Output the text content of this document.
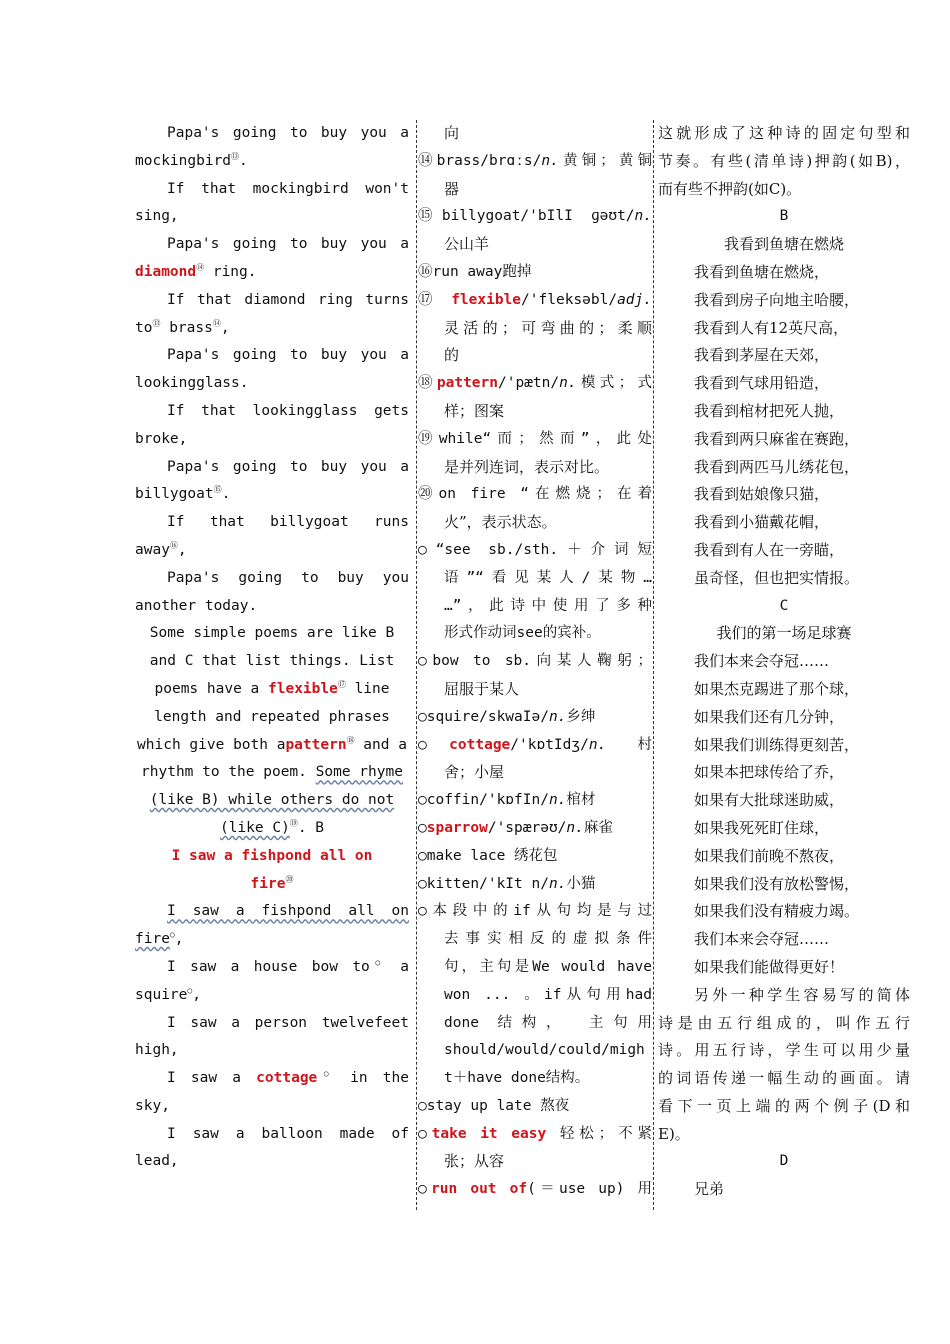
Papa's going to buy you a
mockingbird⑬.
If that mockingbird won't
sing,
Papa's going to buy you a
diamond⑭ ring.
If that diamond ring turns
to⑬ brass⑭,
Papa's going to buy you a
lookingglass.
If that lookingglass gets
broke,
Papa's going to buy you a
billygoat⑮.
If that billygoat runs
away⑯,
Papa's going to buy you
another today.
Some simple poems are like B
and C that list things. List
poems have a flexible⑰ line
length and repeated phrases
which give both apattern⑱ and a
rhythm to the poem. Some rhyme
(like B) while others do not
(like C)⑲. B
I saw a fishpond all on
fire⑳
I saw a fishpond all on
fire○,
I saw a house bow to○ a
squire○,
I saw a person twelvefeet
high,
I saw a cottage○ in the
sky,
I saw a balloon made of
lead,
向
⑭brass/brɑːs/n.黄铜；黄铜
器
⑮billygoat/'bIlI ɡəʊt/n.
公山羊
⑯run away跑掉
⑰flexible/'fleksəbl/adj.
灵活的；可弯曲的；柔顺
的
⑱pattern/'pætn/n.模式；式
样；图案
⑲while“而；然而”，此处
是并列连词，表示对比。
⑳on fire “在燃烧；在着
火”，表示状态。
○“see sb./sth.＋介词短
语”“看见某人/某物…
…”，此诗中使用了多种
形式作动词see的宾补。
○bow to sb.向某人鞠躬；
屈服于某人
○squire/skwaIə/n.乡绅
○cottage/'kɒtIdʒ/n. 村
舍；小屋
○coffin/'kɒfIn/n.棺材
○sparrow/'spærəʊ/n.麻雀
○make lace 绣花包
○kitten/'kIt n/n.小猫
○本段中的if从句均是与过
去事实相反的虚拟条件
句，主句是We would have
won ... 。if从句用had
done 结构， 主句用
should/would/could/migh
t＋have done结构。
○stay up late 熬夜
○take it easy 轻松；不紧
张；从容
○run out of(＝use up) 用
这就形成了这种诗的固定句型和
节奏。有些(清单诗)押韵(如B)，
而有些不押韵(如C)。
B
我看到鱼塘在燃烧
我看到鱼塘在燃烧，
我看到房子向地主哈腰，
我看到人有12英尺高，
我看到茅屋在天郊，
我看到气球用铅造，
我看到棺材把死人抛，
我看到两只麻雀在赛跑，
我看到两匹马儿绣花包，
我看到姑娘像只猫，
我看到小猫戴花帽，
我看到有人在一旁瞄，
虽奇怪，但也把实情报。
C
我们的第一场足球赛
我们本来会夺冠……
如果杰克踢进了那个球，
如果我们还有几分钟，
如果我们训练得更刻苦，
如果本把球传给了乔，
如果有大批球迷助威，
如果我死死盯住球，
如果我们前晚不熬夜，
如果我们没有放松警惕，
如果我们没有精疲力竭。
我们本来会夺冠……
如果我们能做得更好！
另外一种学生容易写的简体
诗是由五行组成的，叫作五行
诗。用五行诗，学生可以用少量
的词语传递一幅生动的画面。请
看下一页上端的两个例子(D和
E)。
D
兄弟
